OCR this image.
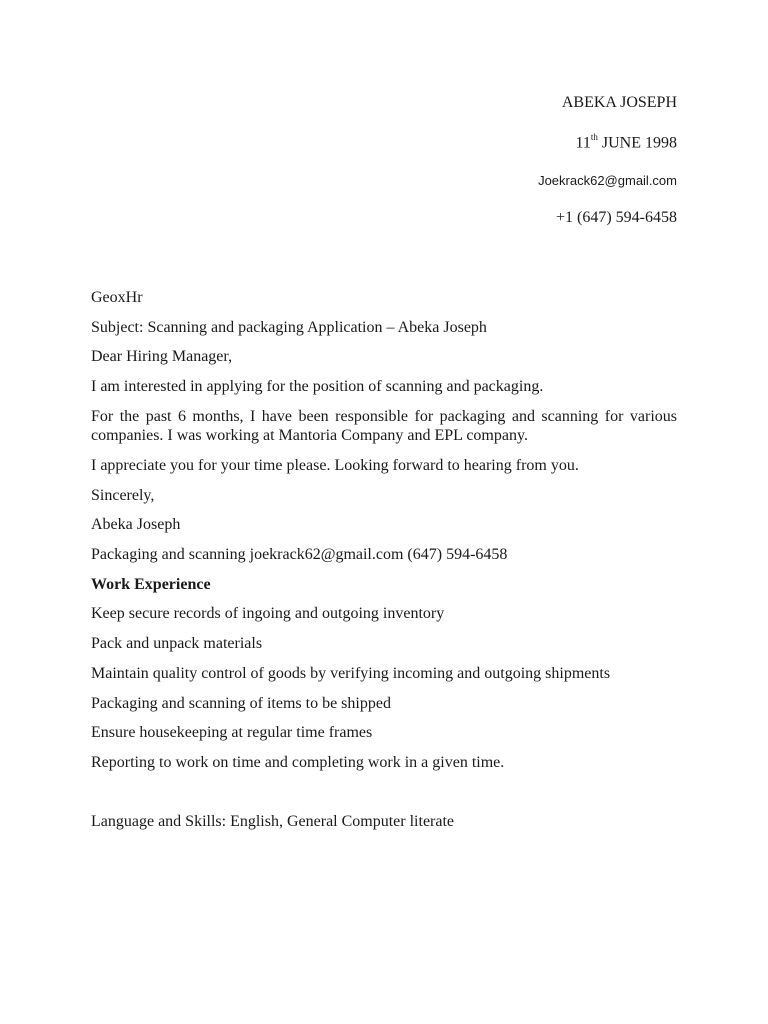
ABEKA JOSEPH
11th JUNE 1998
Joekrack62@gmail.com
+1 (647) 594-6458
GeoxHr
Subject: Scanning and packaging Application – Abeka Joseph
Dear Hiring Manager,
I am interested in applying for the position of scanning and packaging.
For the past 6 months, I have been responsible for packaging and scanning for various companies. I was working at Mantoria Company and EPL company.
I appreciate you for your time please. Looking forward to hearing from you.
Sincerely,
Abeka Joseph
Packaging and scanning joekrack62@gmail.com (647) 594-6458
Work Experience
Keep secure records of ingoing and outgoing inventory
Pack and unpack materials
Maintain quality control of goods by verifying incoming and outgoing shipments
Packaging and scanning of items to be shipped
Ensure housekeeping at regular time frames
Reporting to work on time and completing work in a given time.
Language and Skills: English, General Computer literate
